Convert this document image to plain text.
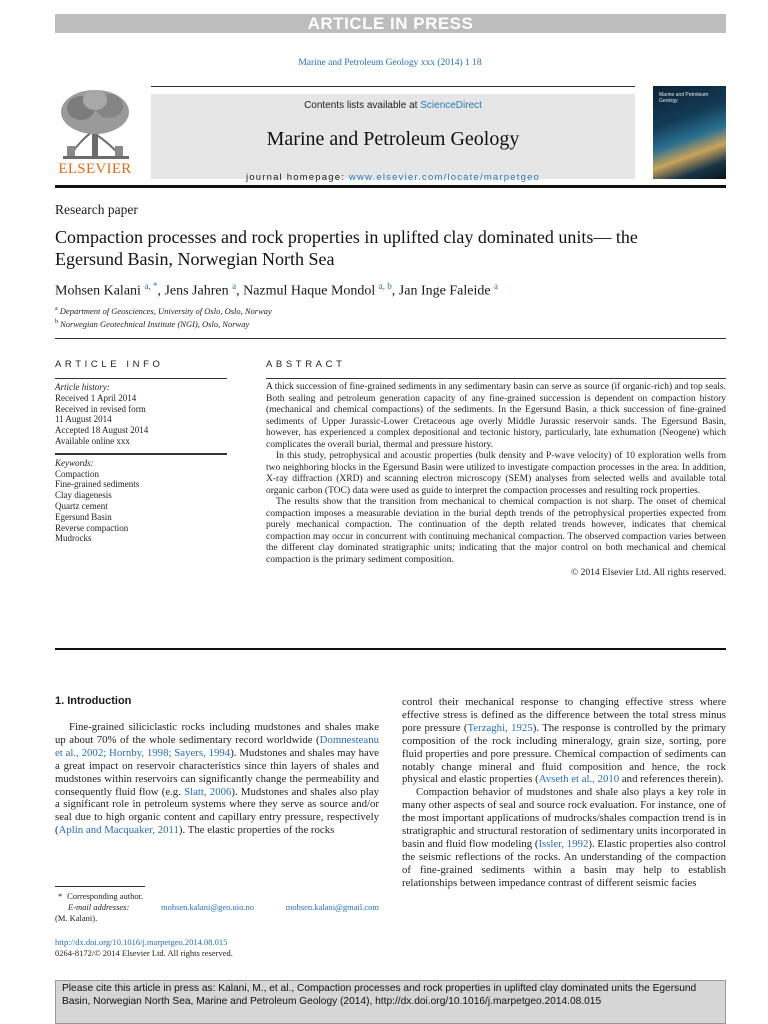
ARTICLE IN PRESS
Marine and Petroleum Geology xxx (2014) 1 18
ELSEVIER
Contents lists available at ScienceDirect
Marine and Petroleum Geology
journal homepage: www.elsevier.com/locate/marpetgeo
Marine and Petroleum Geology
Research paper
Compaction processes and rock properties in uplifted clay dominated units— the Egersund Basin, Norwegian North Sea
Mohsen Kalani $^{a, *}$, Jens Jahren $^a$, Nazmul Haque Mondol $^{a, b}$, Jan Inge Faleide $^a$
$^a$ Department of Geosciences, University of Oslo, Oslo, Norway
$^b$ Norwegian Geotechnical Institute (NGI), Oslo, Norway
ARTICLE INFO	ABSTRACT
Article history:
Received 1 April 2014
Received in revised form
11 August 2014
Accepted 18 August 2014
Available online xxx
Keywords:
Compaction
Fine-grained sediments
Clay diagenesis
Quartz cement
Egersund Basin
Reverse compaction
Mudrocks

A thick succession of fine-grained sediments in any sedimentary basin can serve as source (if organic-rich) and top seals. Both sealing and petroleum generation capacity of any fine-grained succession is dependent on compaction history (mechanical and chemical compactions) of the sediments. In the Egersund Basin, a thick succession of fine-grained sediments of Upper Jurassic-Lower Cretaceous age overly Middle Jurassic reservoir sands. The Egersund Basin, however, has experienced a complex depositional and tectonic history, particularly, late exhumation (Neogene) which complicates the overall burial, thermal and pressure history.

In this study, petrophysical and acoustic properties (bulk density and P-wave velocity) of 10 exploration wells from two neighboring blocks in the Egersund Basin were utilized to investigate compaction processes in the area. In addition, X-ray diffraction (XRD) and scanning electron microscopy (SEM) analyses from selected wells and available total organic carbon (TOC) data were used as guide to interpret the compaction processes and resulting rock properties.

The results show that the transition from mechanical to chemical compaction is not sharp. The onset of chemical compaction imposes a measurable deviation in the burial depth trends of the petrophysical properties expected from purely mechanical compaction. The continuation of the depth related trends however, indicates that chemical compaction may occur in concurrent with continuing mechanical compaction. The observed compaction varies between the different clay dominated stratigraphic units; indicating that the major control on both mechanical and chemical compaction is the primary sediment composition.

© 2014 Elsevier Ltd. All rights reserved.
1. Introduction

Fine-grained siliciclastic rocks including mudstones and shales make up about 70% of the whole sedimentary record worldwide (Domnesteanu et al., 2002; Hornby, 1998; Sayers, 1994). Mudstones and shales may have a great impact on reservoir characteristics since thin layers of shales and mudstones within reservoirs can significantly change the permeability and consequently fluid flow (e.g. Slatt, 2006). Mudstones and shales also play a significant role in petroleum systems where they serve as source and/or seal due to high organic content and capillary entry pressure, respectively (Aplin and Macquaker, 2011). The elastic properties of the rocks

control their mechanical response to changing effective stress where effective stress is defined as the difference between the total stress minus pore pressure (Terzaghi, 1925). The response is controlled by the primary composition of the rock including mineralogy, grain size, sorting, pore fluid properties and pore pressure. Chemical compaction of sediments can notably change mineral and fluid composition and hence, the rock physical and elastic properties (Avseth et al., 2010 and references therein).

Compaction behavior of mudstones and shale also plays a key role in many other aspects of seal and source rock evaluation. For instance, one of the most important applications of mudrocks/shales compaction trend is in stratigraphic and structural restoration of sedimentary units incorporated in basin and fluid flow modeling (Issler, 1992). Elastic properties also control the seismic reflections of the rocks. An understanding of the compaction of fine-grained sediments within a basin may help to establish relationships between impedance contrast of different seismic facies

* Corresponding author.
E-mail addresses:	mohsen.kalani@geo.uio.no	mohsen.kalani@gmail.com
(M. Kalani).
http://dx.doi.org/10.1016/j.marpetgeo.2014.08.015
0264-8172/© 2014 Elsevier Ltd. All rights reserved.
Please cite this article in press as: Kalani, M., et al., Compaction processes and rock properties in uplifted clay dominated units the Egersund Basin, Norwegian North Sea, Marine and Petroleum Geology (2014), http://dx.doi.org/10.1016/j.marpetgeo.2014.08.015
